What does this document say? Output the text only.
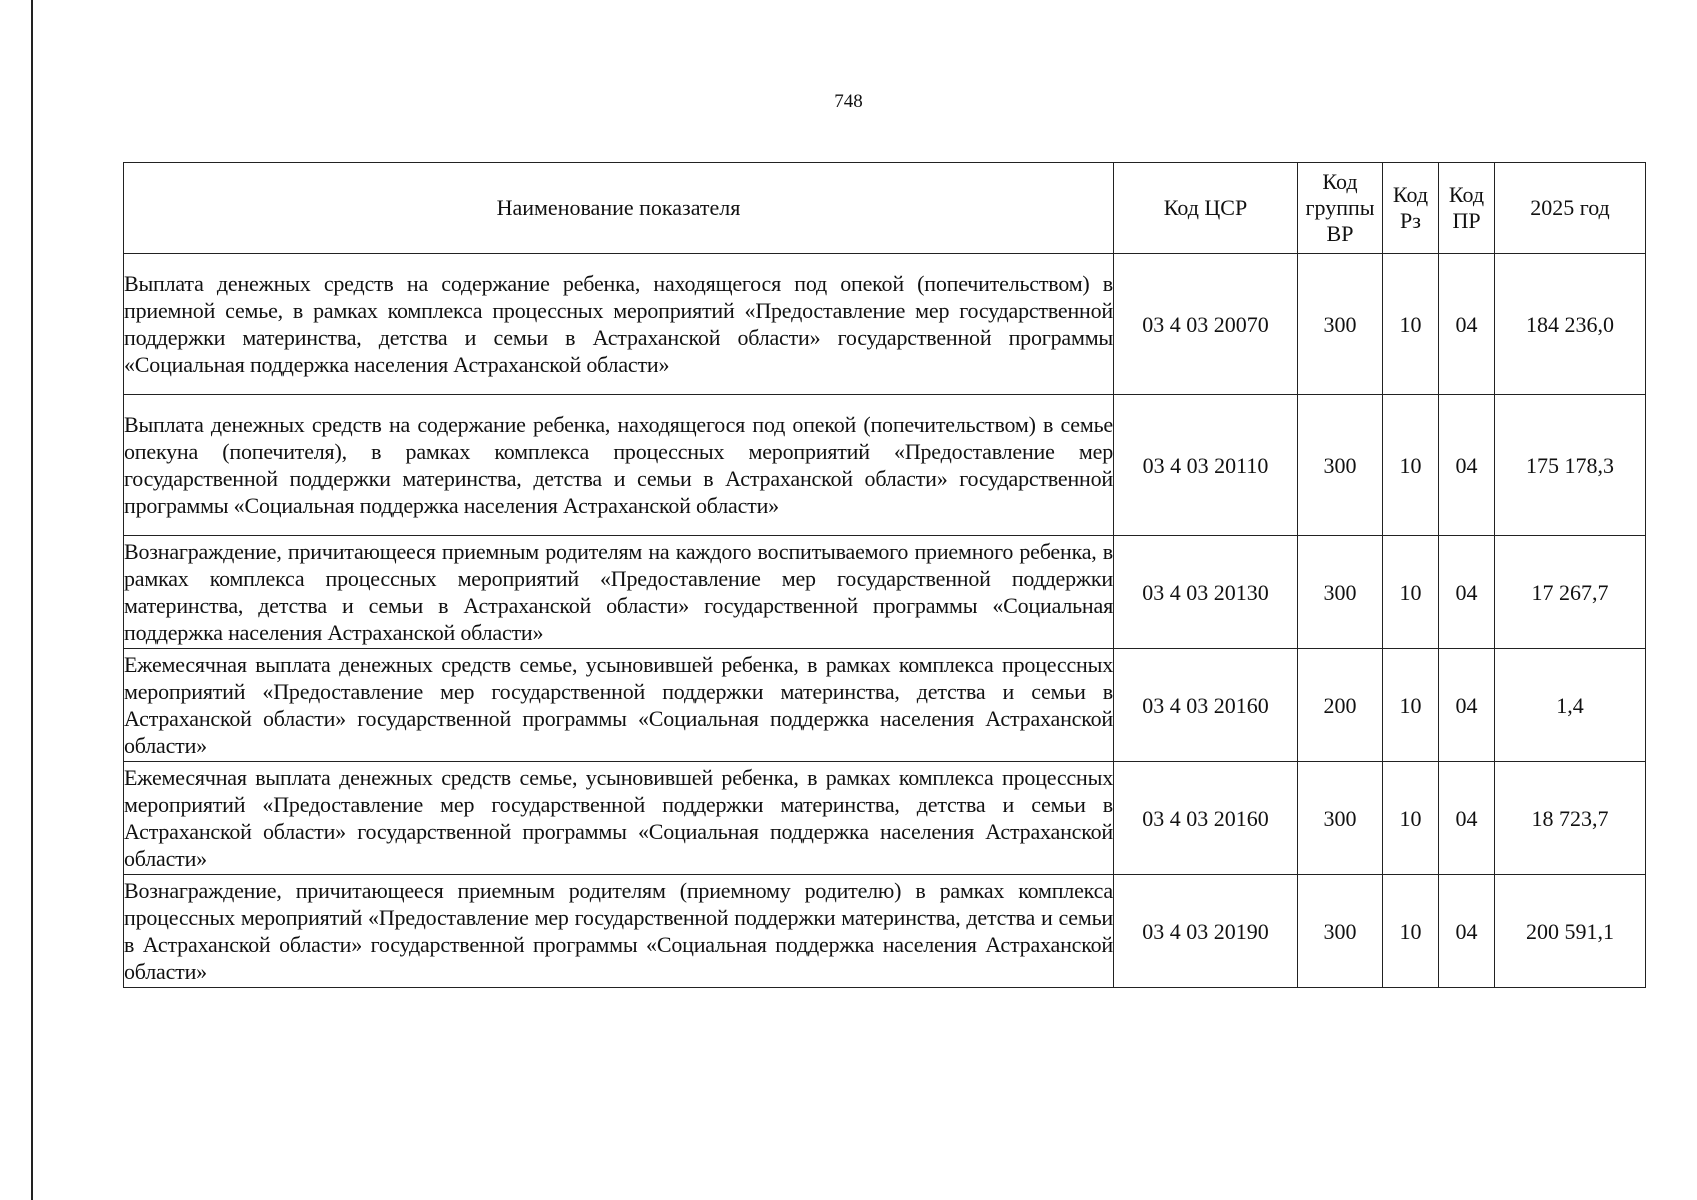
748
Наименование показателя	Код ЦСР	Код группы ВР	Код Рз	Код ПР	2025 год
Выплата денежных средств на содержание ребенка, находящегося под опекой (попечительством) в приемной семье, в рамках комплекса процессных мероприятий «Предоставление мер государственной поддержки материнства, детства и семьи в Астраханской области» государственной программы «Социальная поддержка населения Астраханской области»	03 4 03 20070	300	10	04	184 236,0
Выплата денежных средств на содержание ребенка, находящегося под опекой (попечительством) в семье опекуна (попечителя), в рамках комплекса процессных мероприятий «Предоставление мер государственной поддержки материнства, детства и семьи в Астраханской области» государственной программы «Социальная поддержка населения Астраханской области»	03 4 03 20110	300	10	04	175 178,3
Вознаграждение, причитающееся приемным родителям на каждого воспитываемого приемного ребенка, в рамках комплекса процессных мероприятий «Предоставление мер государственной поддержки материнства, детства и семьи в Астраханской области» государственной программы «Социальная поддержка населения Астраханской области»	03 4 03 20130	300	10	04	17 267,7
Ежемесячная выплата денежных средств семье, усыновившей ребенка, в рамках комплекса процессных мероприятий «Предоставление мер государственной поддержки материнства, детства и семьи в Астраханской области» государственной программы «Социальная поддержка населения Астраханской области»	03 4 03 20160	200	10	04	1,4
Ежемесячная выплата денежных средств семье, усыновившей ребенка, в рамках комплекса процессных мероприятий «Предоставление мер государственной поддержки материнства, детства и семьи в Астраханской области» государственной программы «Социальная поддержка населения Астраханской области»	03 4 03 20160	300	10	04	18 723,7
Вознаграждение, причитающееся приемным родителям (приемному родителю) в рамках комплекса процессных мероприятий «Предоставление мер государственной поддержки материнства, детства и семьи в Астраханской области» государственной программы «Социальная поддержка населения Астраханской области»	03 4 03 20190	300	10	04	200 591,1
